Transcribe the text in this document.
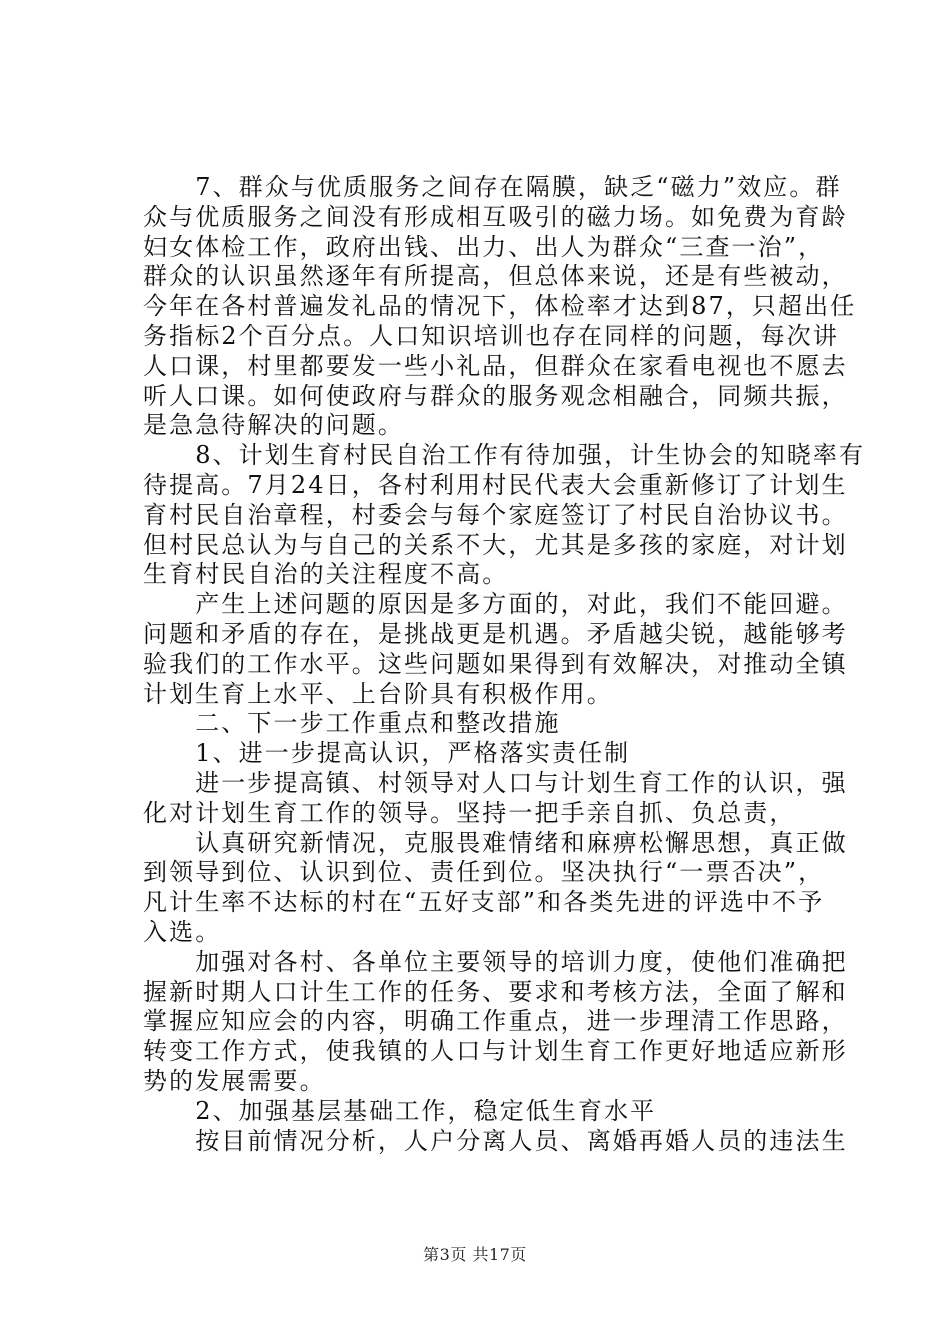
　　7、群众与优质服务之间存在隔膜，缺乏“磁力”效应。群
众与优质服务之间没有形成相互吸引的磁力场。如免费为育龄
妇女体检工作，政府出钱、出力、出人为群众“三查一治”，
群众的认识虽然逐年有所提高，但总体来说，还是有些被动，
今年在各村普遍发礼品的情况下，体检率才达到87，只超出任
务指标2个百分点。人口知识培训也存在同样的问题，每次讲
人口课，村里都要发一些小礼品，但群众在家看电视也不愿去
听人口课。如何使政府与群众的服务观念相融合，同频共振，
是急急待解决的问题。
　　8、计划生育村民自治工作有待加强，计生协会的知晓率有
待提高。7月24日，各村利用村民代表大会重新修订了计划生
育村民自治章程，村委会与每个家庭签订了村民自治协议书。
但村民总认为与自己的关系不大，尤其是多孩的家庭，对计划
生育村民自治的关注程度不高。
　　产生上述问题的原因是多方面的，对此，我们不能回避。
问题和矛盾的存在，是挑战更是机遇。矛盾越尖锐，越能够考
验我们的工作水平。这些问题如果得到有效解决，对推动全镇
计划生育上水平、上台阶具有积极作用。
　　二、下一步工作重点和整改措施
　　1、进一步提高认识，严格落实责任制
　　进一步提高镇、村领导对人口与计划生育工作的认识，强
化对计划生育工作的领导。坚持一把手亲自抓、负总责，
　　认真研究新情况，克服畏难情绪和麻痹松懈思想，真正做
到领导到位、认识到位、责任到位。坚决执行“一票否决”，
凡计生率不达标的村在“五好支部”和各类先进的评选中不予
入选。
　　加强对各村、各单位主要领导的培训力度，使他们准确把
握新时期人口计生工作的任务、要求和考核方法，全面了解和
掌握应知应会的内容，明确工作重点，进一步理清工作思路，
转变工作方式，使我镇的人口与计划生育工作更好地适应新形
势的发展需要。
　　2、加强基层基础工作，稳定低生育水平
　　按目前情况分析，人户分离人员、离婚再婚人员的违法生
第3页 共17页
